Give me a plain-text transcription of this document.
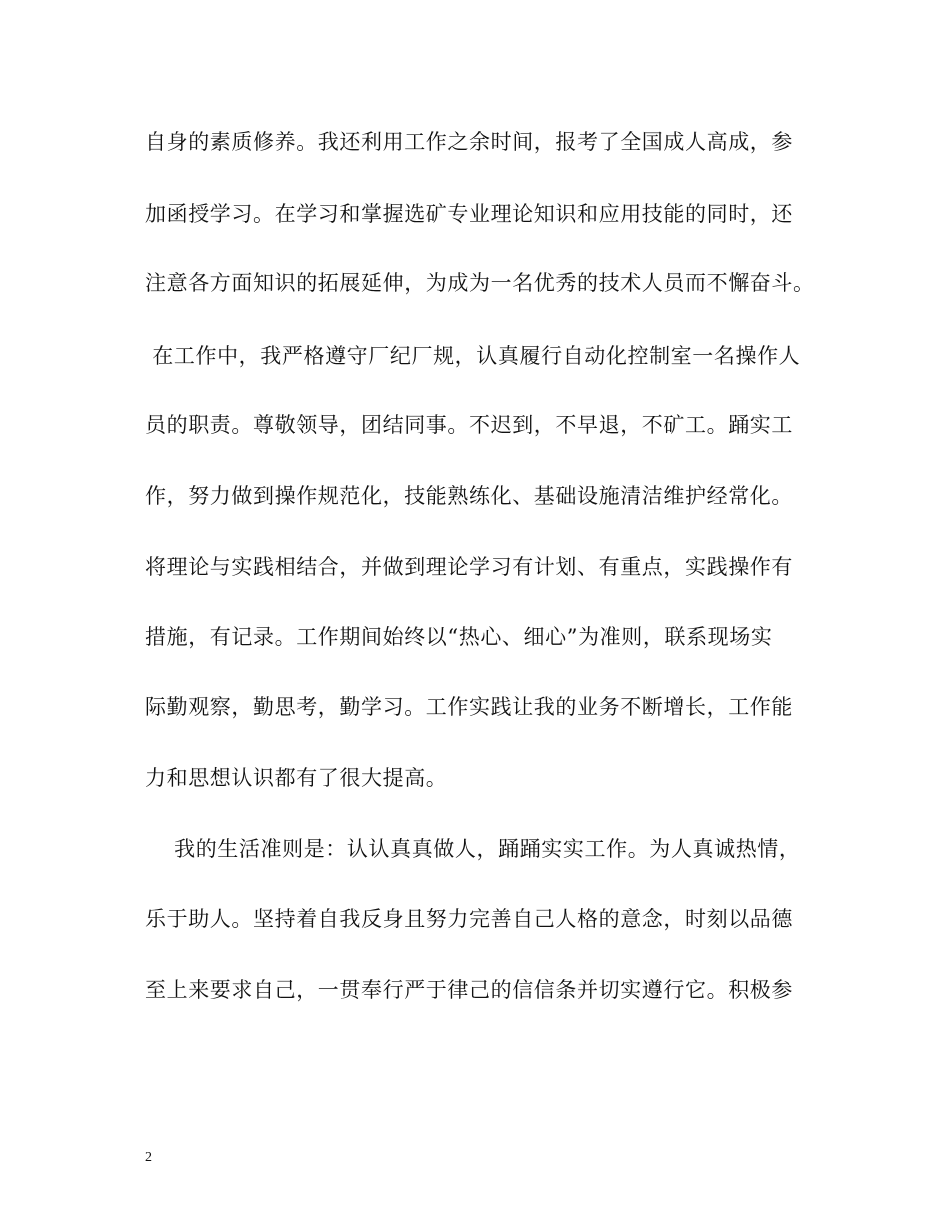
自身的素质修养。我还利用工作之余时间，报考了全国成人高成，参
加函授学习。在学习和掌握选矿专业理论知识和应用技能的同时，还
注意各方面知识的拓展延伸，为成为一名优秀的技术人员而不懈奋斗。
在工作中，我严格遵守厂纪厂规，认真履行自动化控制室一名操作人
员的职责。尊敬领导，团结同事。不迟到，不早退，不矿工。踊实工
作，努力做到操作规范化，技能熟练化、基础设施清洁维护经常化。
将理论与实践相结合，并做到理论学习有计划、有重点，实践操作有
措施，有记录。工作期间始终以“热心、细心”为准则，联系现场实
际勤观察，勤思考，勤学习。工作实践让我的业务不断增长，工作能
力和思想认识都有了很大提高。
我的生活准则是：认认真真做人，踊踊实实工作。为人真诚热情，
乐于助人。坚持着自我反身且努力完善自己人格的意念，时刻以品德
至上来要求自己，一贯奉行严于律己的信信条并切实遵行它。积极参
2
